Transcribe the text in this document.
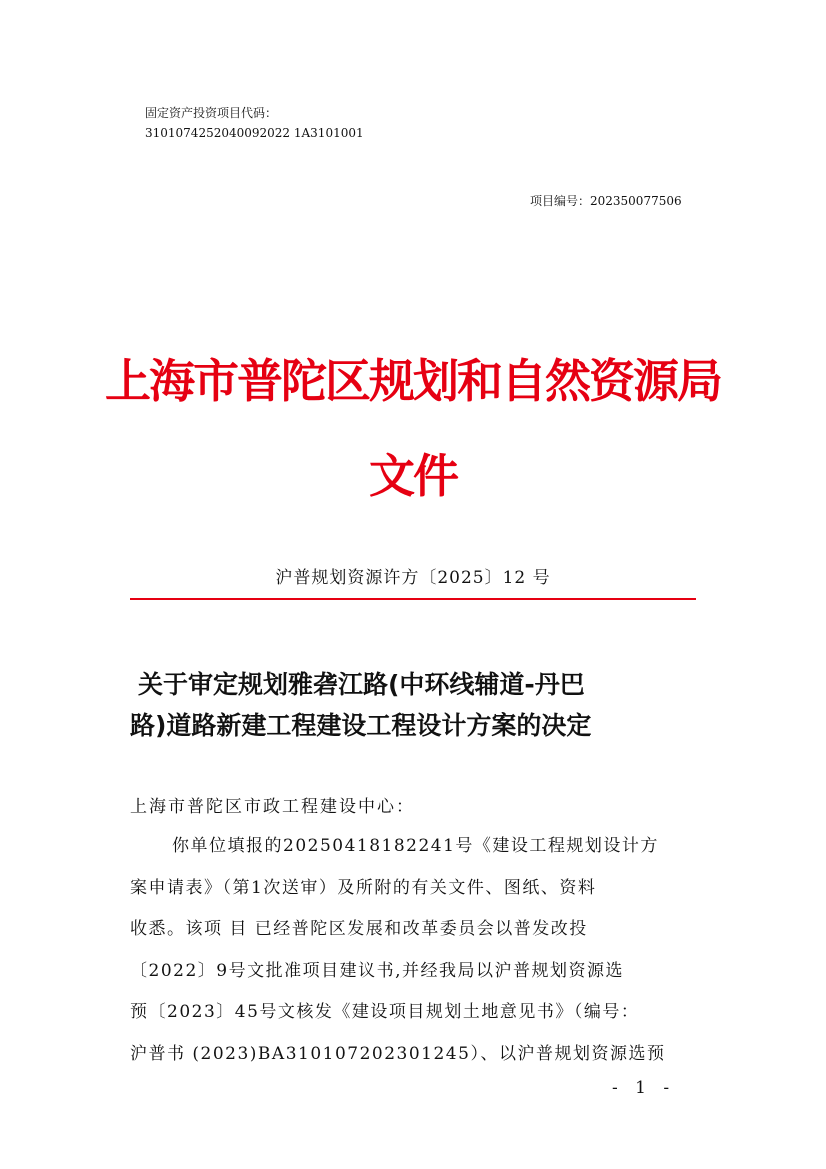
固定资产投资项目代码：
3101074252040092022 1A3101001
项目编号：202350077506
上海市普陀区规划和自然资源局
文件
沪普规划资源许方〔2025〕12 号
关于审定规划雅砻江路(中环线辅道-丹巴
路)道路新建工程建设工程设计方案的决定
上海市普陀区市政工程建设中心：
你单位填报的20250418182241号《建设工程规划设计方
案申请表》（第1次送审）及所附的有关文件、图纸、资料
收悉。该项 目 已经普陀区发展和改革委员会以普发改投
〔2022〕9号文批准项目建议书,并经我局以沪普规划资源选
预〔2023〕45号文核发《建设项目规划土地意见书》（编号：
沪普书 (2023)BA310107202301245）、以沪普规划资源选预
- 1 -
